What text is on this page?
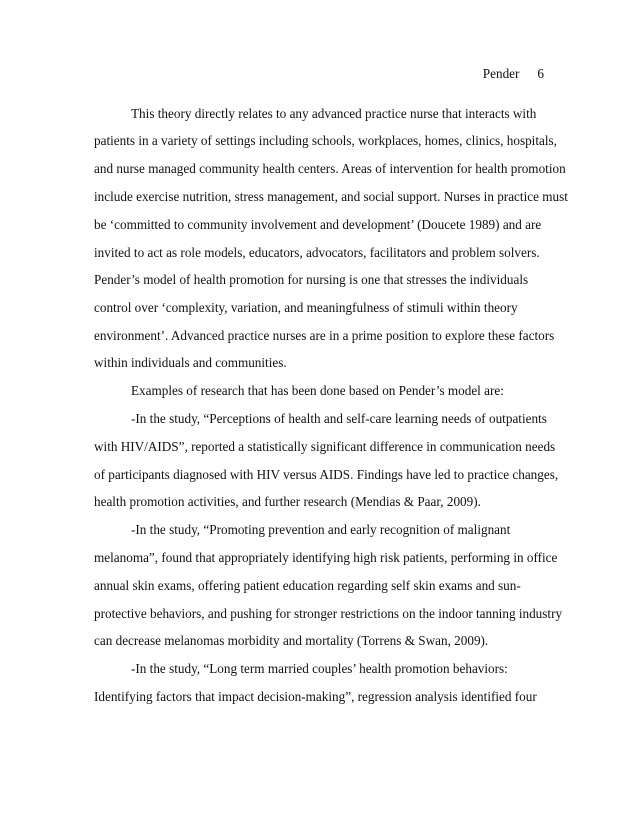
Pender 6
This theory directly relates to any advanced practice nurse that interacts with
patients in a variety of settings including schools, workplaces, homes, clinics, hospitals,
and nurse managed community health centers. Areas of intervention for health promotion
include exercise nutrition, stress management, and social support. Nurses in practice must
be ‘committed to community involvement and development’ (Doucete 1989) and are
invited to act as role models, educators, advocators, facilitators and problem solvers.
Pender’s model of health promotion for nursing is one that stresses the individuals
control over ‘complexity, variation, and meaningfulness of stimuli within theory
environment’. Advanced practice nurses are in a prime position to explore these factors
within individuals and communities.
Examples of research that has been done based on Pender’s model are:
-In the study, “Perceptions of health and self-care learning needs of outpatients
with HIV/AIDS”, reported a statistically significant difference in communication needs
of participants diagnosed with HIV versus AIDS. Findings have led to practice changes,
health promotion activities, and further research (Mendias & Paar, 2009).
-In the study, “Promoting prevention and early recognition of malignant
melanoma”, found that appropriately identifying high risk patients, performing in office
annual skin exams, offering patient education regarding self skin exams and sun-
protective behaviors, and pushing for stronger restrictions on the indoor tanning industry
can decrease melanomas morbidity and mortality (Torrens & Swan, 2009).
-In the study, “Long term married couples’ health promotion behaviors:
Identifying factors that impact decision-making”, regression analysis identified four
